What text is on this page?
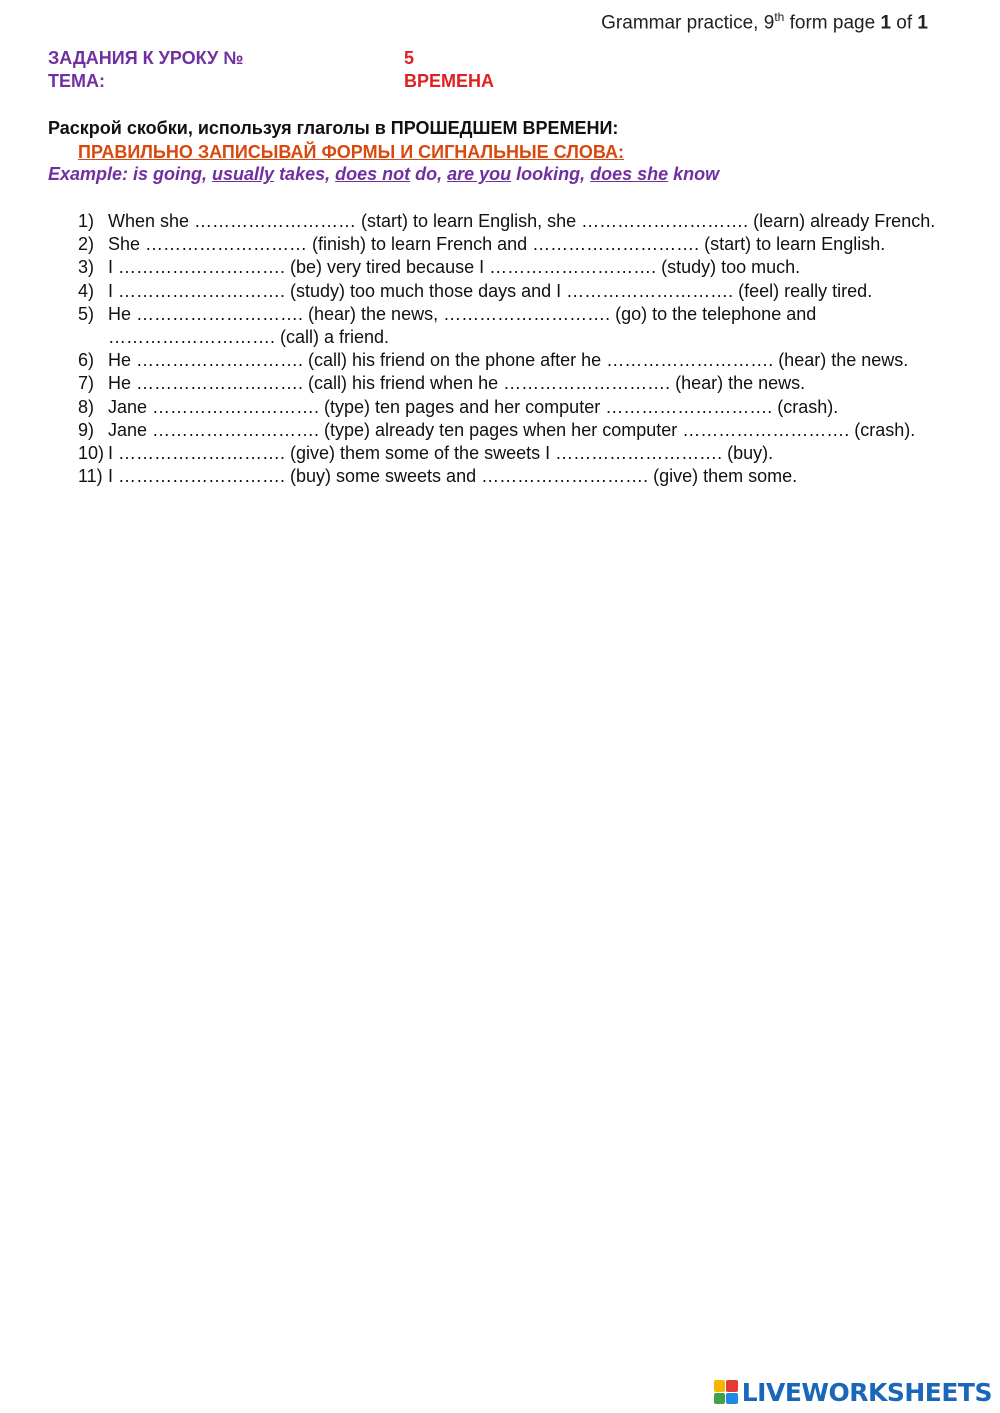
Grammar practice, 9th form page 1 of 1
ЗАДАНИЯ К УРОКУ №	5
ТЕМА:	ВРЕМЕНА
Раскрой скобки, используя глаголы в ПРОШЕДШЕМ ВРЕМЕНИ:
ПРАВИЛЬНО ЗАПИСЫВАЙ ФОРМЫ И СИГНАЛЬНЫЕ СЛОВА:
Example: is going, usually takes, does not do, are you looking, does she know
1) When she ……………………… (start) to learn English, she ………………………. (learn) already French.
2) She ……………………… (finish) to learn French and ………………………. (start) to learn English.
3) I ………………………. (be) very tired because I ………………………. (study) too much.
4) I ………………………. (study) too much those days and I ………………………. (feel) really tired.
5) He ………………………. (hear) the news, ………………………. (go) to the telephone and ………………………. (call) a friend.
6) He ………………………. (call) his friend on the phone after he ………………………. (hear) the news.
7) He ………………………. (call) his friend when he ………………………. (hear) the news.
8) Jane ………………………. (type) ten pages and her computer ………………………. (crash).
9) Jane ………………………. (type) already ten pages when her computer ………………………. (crash).
10) I ………………………. (give) them some of the sweets I ………………………. (buy).
11) I ………………………. (buy) some sweets and ………………………. (give) them some.
LIVEWORKSHEETS
